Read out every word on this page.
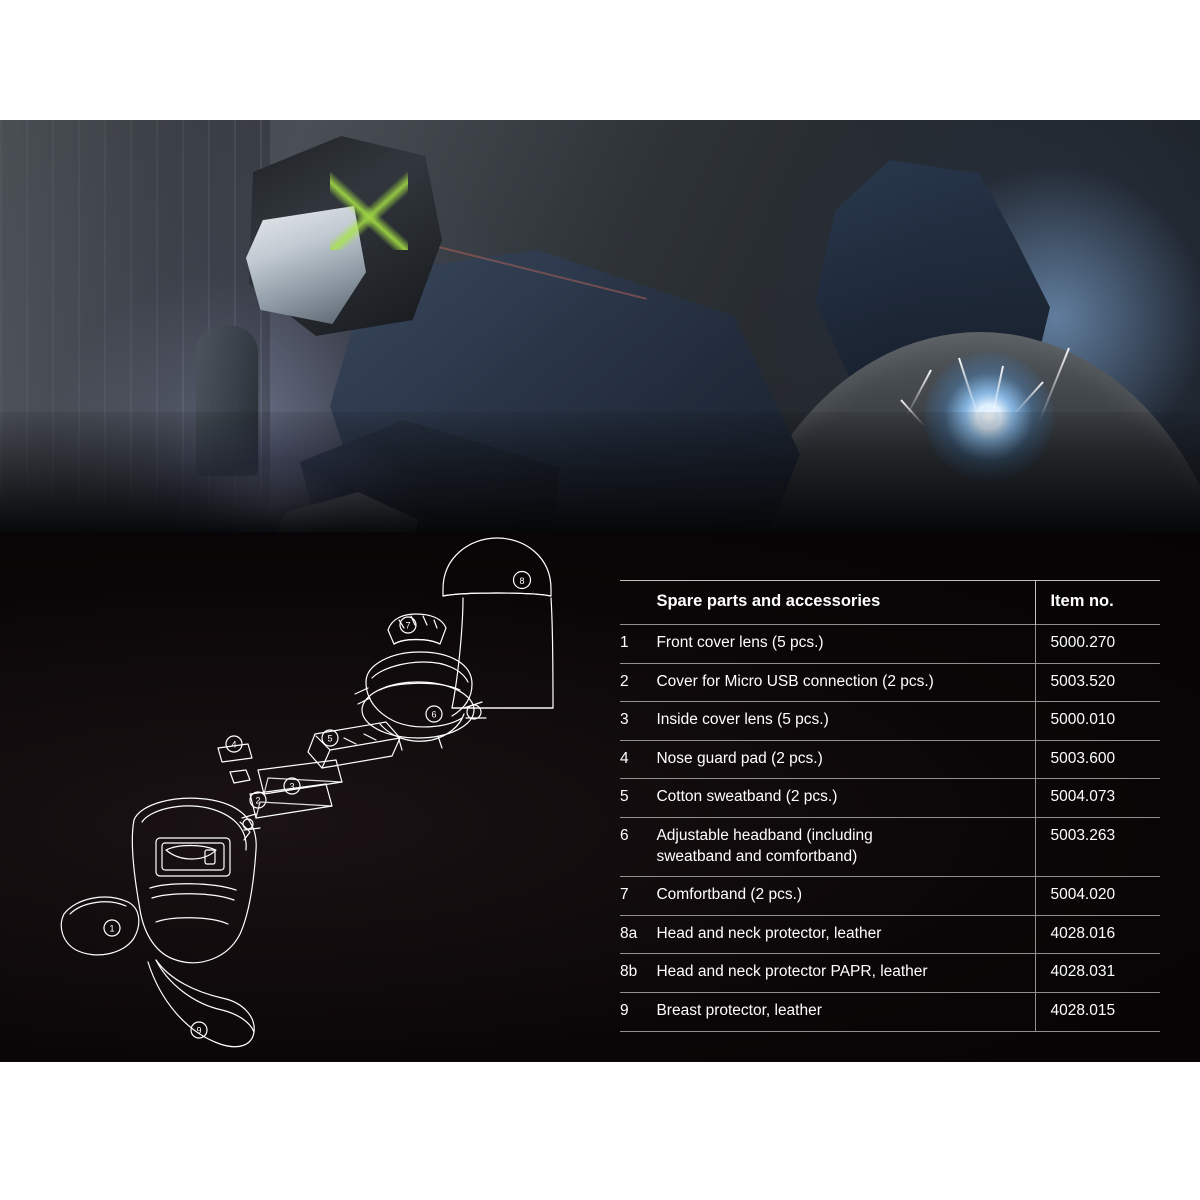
8
7
6
5
3
4
2
1
9
	Spare parts and accessories	Item no.
1	Front cover lens (5 pcs.)	5000.270
2	Cover for Micro USB connection (2 pcs.)	5003.520
3	Inside cover lens (5 pcs.)	5000.010
4	Nose guard pad (2 pcs.)	5003.600
5	Cotton sweatband (2 pcs.)	5004.073
6	Adjustable headband (including
sweatband and comfortband)	5003.263
7	Comfortband (2 pcs.)	5004.020
8a	Head and neck protector, leather	4028.016
8b	Head and neck protector PAPR, leather	4028.031
9	Breast protector, leather	4028.015
